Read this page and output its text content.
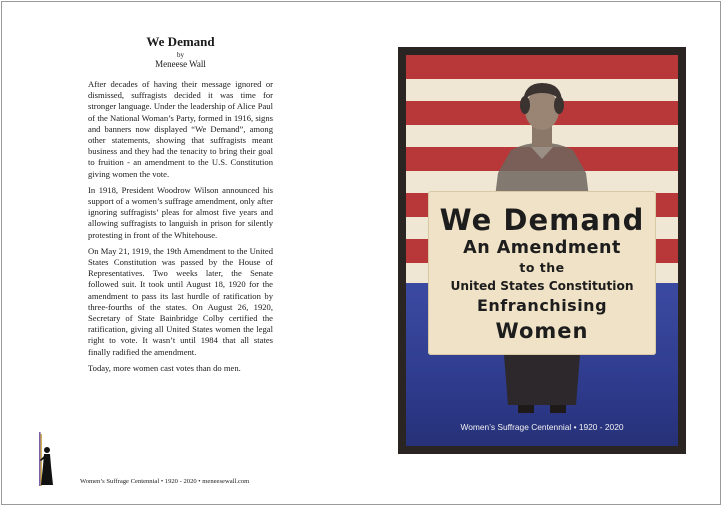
We Demand
by
Meneese Wall

After decades of having their message ignored or dismissed, suffragists decided it was time for stronger language. Under the leadership of Alice Paul of the National Woman’s Party, formed in 1916, signs and banners now displayed “We Demand”, among other statements, showing that suffragists meant business and they had the tenacity to bring their goal to fruition - an amendment to the U.S. Constitution giving women the vote.

In 1918, President Woodrow Wilson announced his support of a women’s suffrage amendment, only after ignoring suffragists’ pleas for almost five years and allowing suffragists to languish in prison for silently protesting in front of the Whitehouse.

On May 21, 1919, the 19th Amendment to the United States Constitution was passed by the House of Representatives. Two weeks later, the Senate followed suit. It took until August 18, 1920 for the amendment to pass its last hurdle of ratification by three-fourths of the states. On August 26, 1920, Secretary of State Bainbridge Colby certified the ratification, giving all United States women the legal right to vote. It wasn’t until 1984 that all states finally radified the amendment.

Today, more women cast votes than do men.

Women’s Suffrage Centennial • 1920 - 2020 • meneesewall.com
We Demand
An Amendment
to the
United States Constitution
Enfranchising
Women
Women’s Suffrage Centennial • 1920 - 2020
